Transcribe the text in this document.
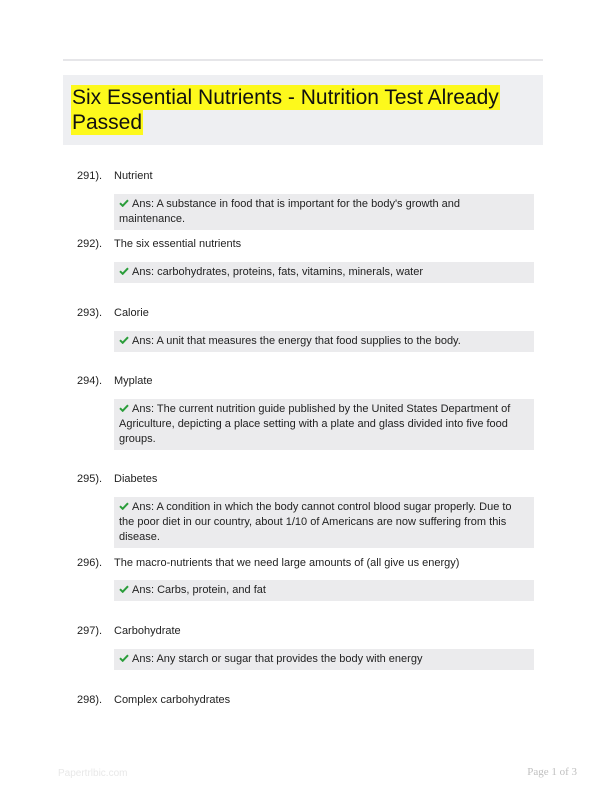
Six Essential Nutrients - Nutrition Test Already Passed
291). Nutrient
Ans: A substance in food that is important for the body's growth and maintenance.
292). The six essential nutrients
Ans: carbohydrates, proteins, fats, vitamins, minerals, water
293). Calorie
Ans: A unit that measures the energy that food supplies to the body.
294). Myplate
Ans: The current nutrition guide published by the United States Department of Agriculture, depicting a place setting with a plate and glass divided into five food groups.
295). Diabetes
Ans: A condition in which the body cannot control blood sugar properly. Due to the poor diet in our country, about 1/10 of Americans are now suffering from this disease.
296). The macro-nutrients that we need large amounts of (all give us energy)
Ans: Carbs, protein, and fat
297). Carbohydrate
Ans: Any starch or sugar that provides the body with energy
298). Complex carbohydrates
Papertrlbic.com	Page 1 of 3
